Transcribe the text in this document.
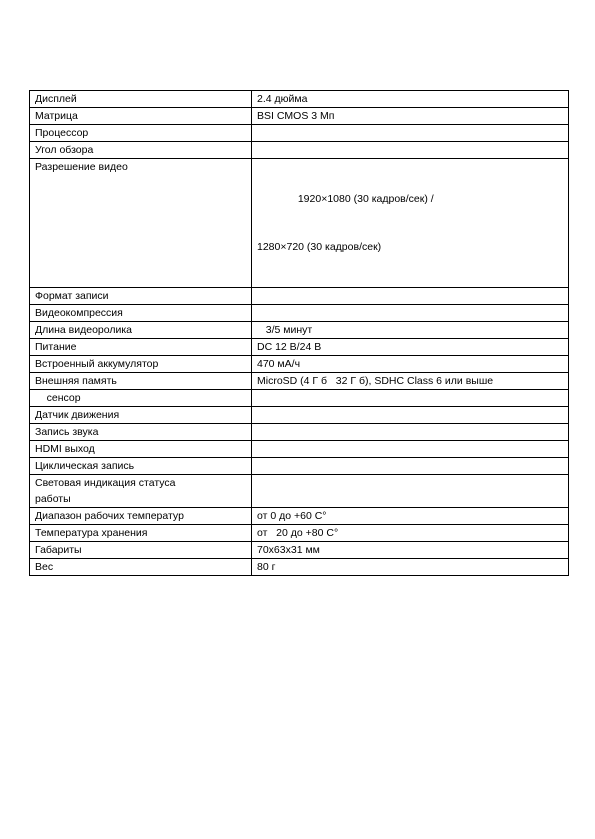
Дисплей	2.4 дюйма
Матрица	BSI CMOS 3 Мп
Процессор	
Угол обзора	
Разрешение видео	1920×1080 (30 кадров/сек) /

1280×720 (30 кадров/сек)

Формат записи	
Видеокомпрессия	
Длина видеоролика	3/5 минут
Питание	DC 12 В/24 В
Встроенный аккумулятор	470 мА/ч
Внешняя память	MicroSD (4 Г б   32 Г б), SDHC Class 6 или выше
сенсор	
Датчик движения	
Запись звука	
HDMI выход	
Циклическая запись	

Световая индикация статуса
работы	

Диапазон рабочих температур	от 0 до +60 С°
Температура хранения	от   20 до +80 С°
Габариты	70x63x31 мм
Вес	80 г
